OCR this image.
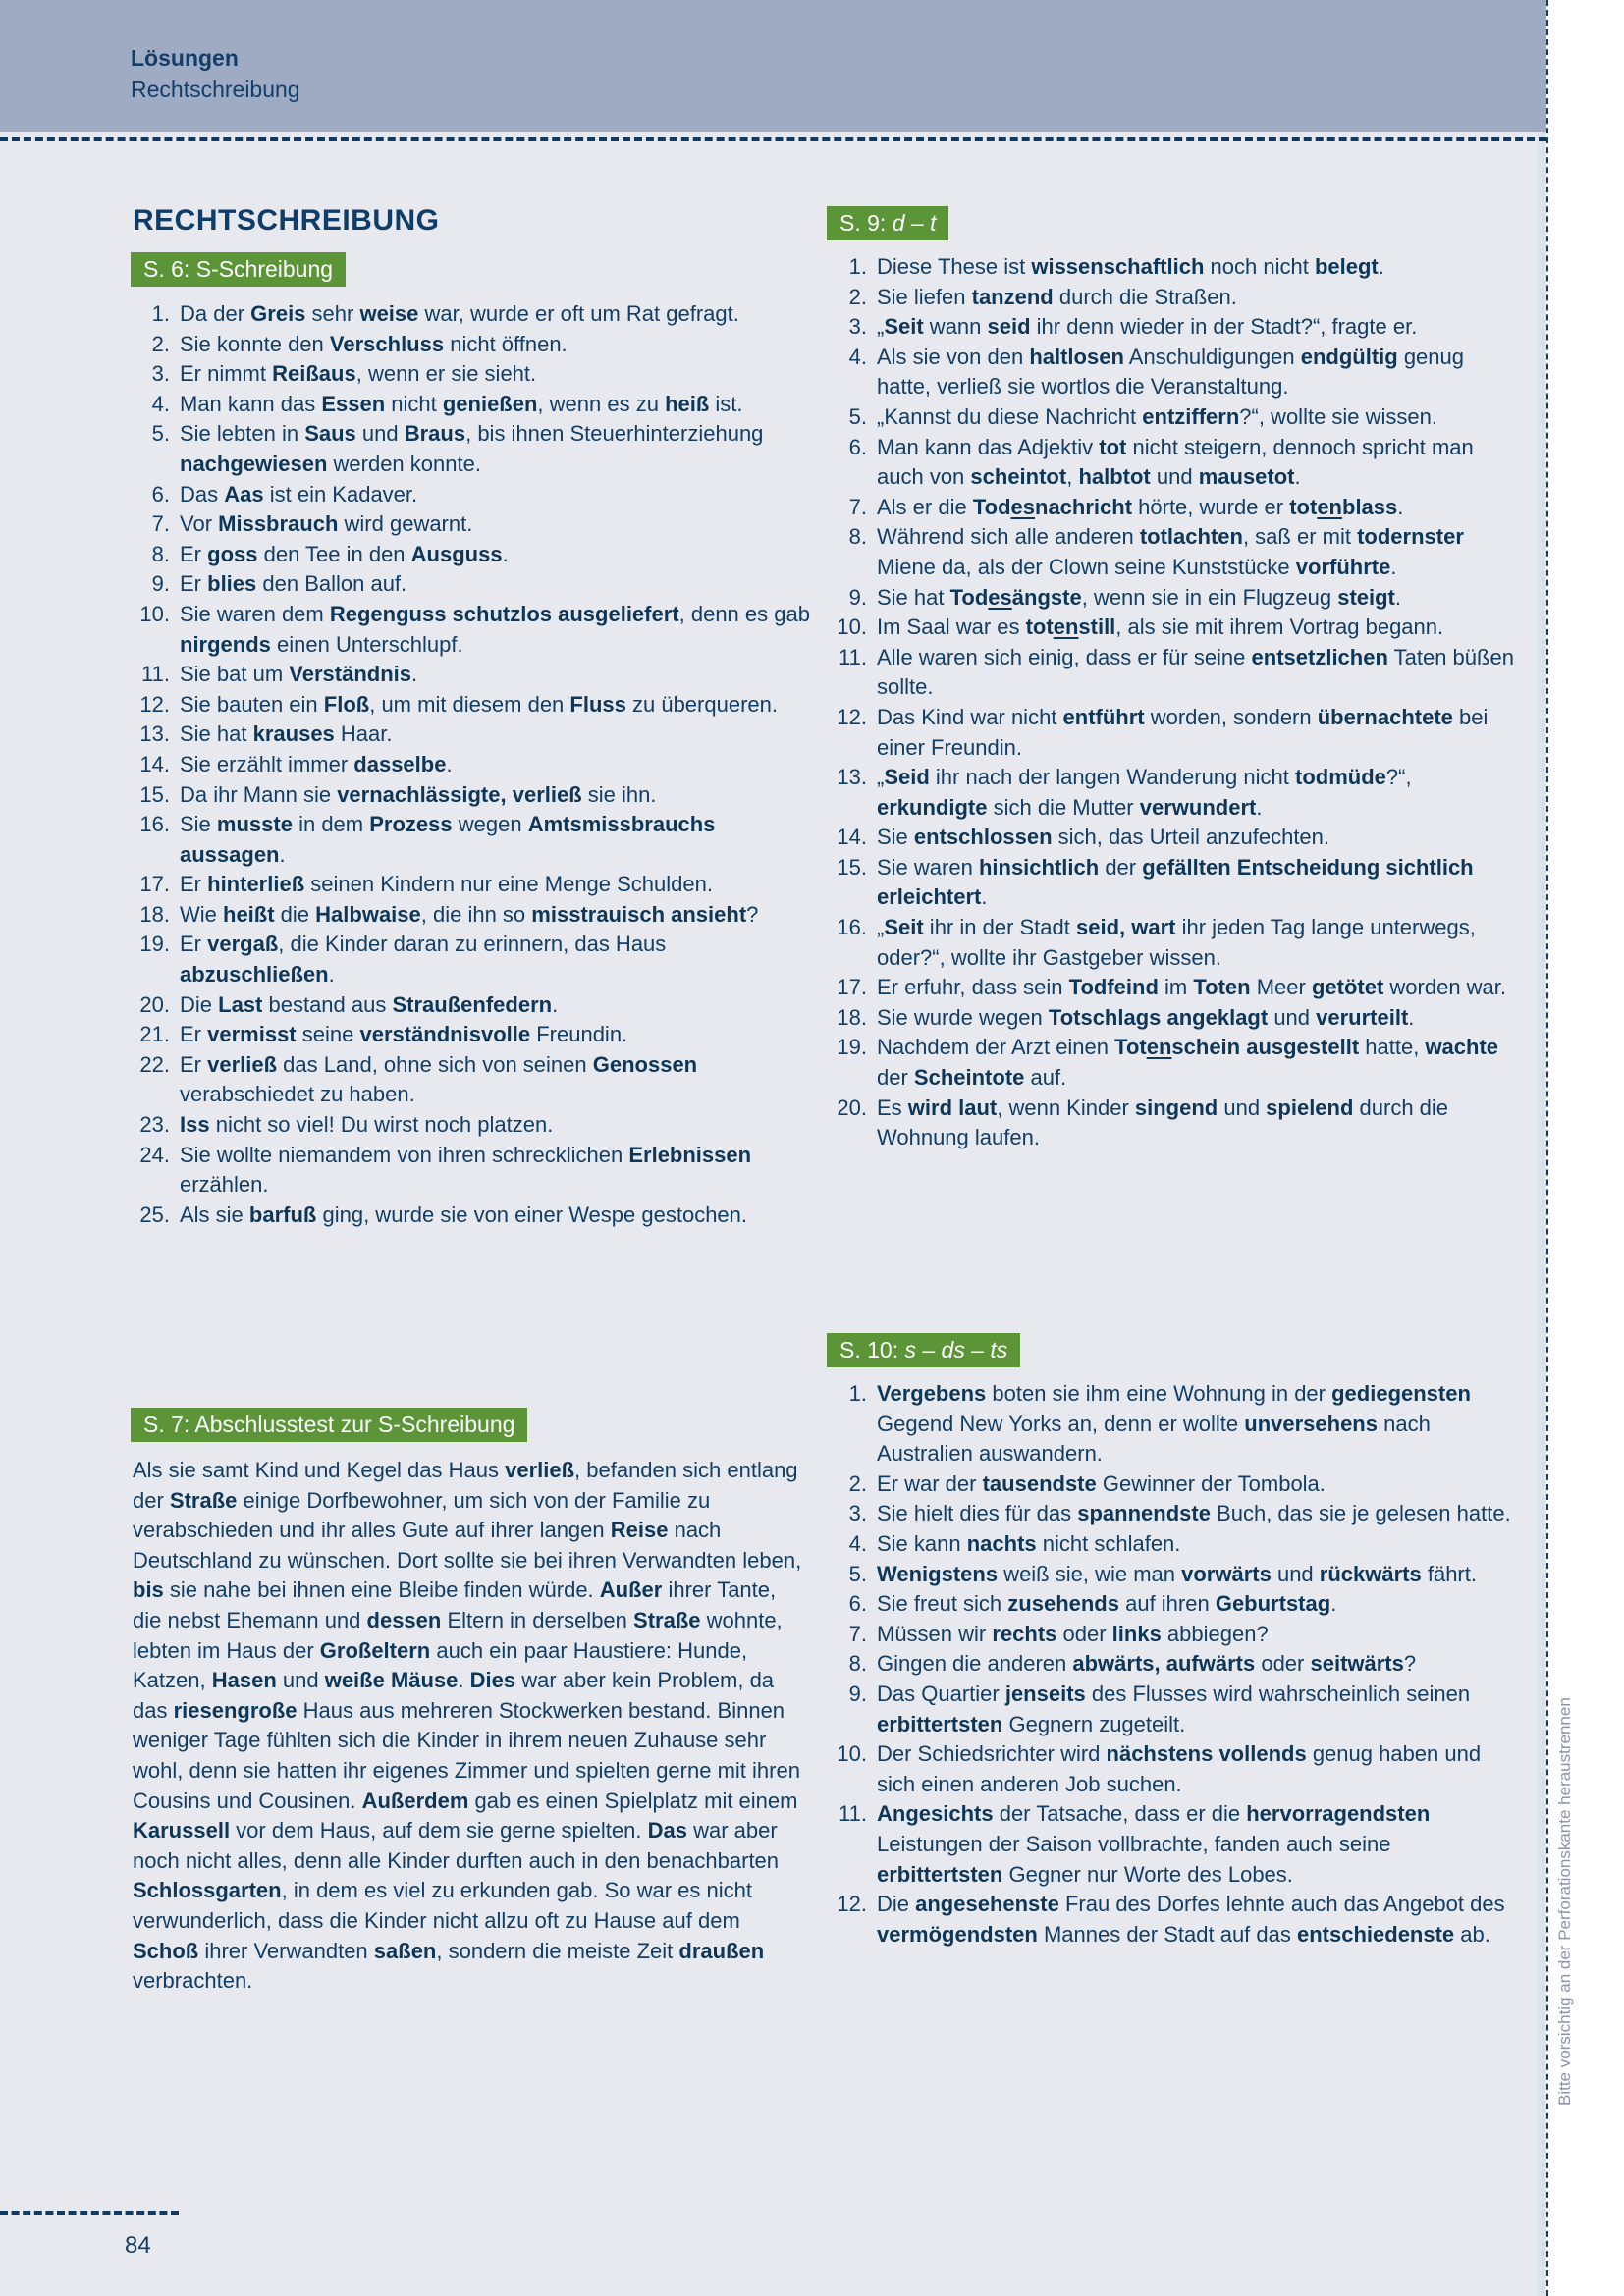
Lösungen
Rechtschreibung
RECHTSCHREIBUNG
S. 6: S-Schreibung
1. Da der Greis sehr weise war, wurde er oft um Rat gefragt.
2. Sie konnte den Verschluss nicht öffnen.
3. Er nimmt Reißaus, wenn er sie sieht.
4. Man kann das Essen nicht genießen, wenn es zu heiß ist.
5. Sie lebten in Saus und Braus, bis ihnen Steuerhinterziehung nachgewiesen werden konnte.
6. Das Aas ist ein Kadaver.
7. Vor Missbrauch wird gewarnt.
8. Er goss den Tee in den Ausguss.
9. Er blies den Ballon auf.
10. Sie waren dem Regenguss schutzlos ausgeliefert, denn es gab nirgends einen Unterschlupf.
11. Sie bat um Verständnis.
12. Sie bauten ein Floß, um mit diesem den Fluss zu überqueren.
13. Sie hat krauses Haar.
14. Sie erzählt immer dasselbe.
15. Da ihr Mann sie vernachlässigte, verließ sie ihn.
16. Sie musste in dem Prozess wegen Amtsmissbrauchs aussagen.
17. Er hinterließ seinen Kindern nur eine Menge Schulden.
18. Wie heißt die Halbwaise, die ihn so misstrauisch ansieht?
19. Er vergaß, die Kinder daran zu erinnern, das Haus abzuschließen.
20. Die Last bestand aus Straußenfedern.
21. Er vermisst seine verständnisvolle Freundin.
22. Er verließ das Land, ohne sich von seinen Genossen verabschiedet zu haben.
23. Iss nicht so viel! Du wirst noch platzen.
24. Sie wollte niemandem von ihren schrecklichen Erlebnissen erzählen.
25. Als sie barfuß ging, wurde sie von einer Wespe gestochen.
S. 7: Abschlusstest zur S-Schreibung
Als sie samt Kind und Kegel das Haus verließ, befanden sich entlang der Straße einige Dorfbewohner, um sich von der Familie zu verabschieden und ihr alles Gute auf ihrer langen Reise nach Deutschland zu wünschen. Dort sollte sie bei ihren Verwandten leben, bis sie nahe bei ihnen eine Bleibe finden würde. Außer ihrer Tante, die nebst Ehemann und dessen Eltern in derselben Straße wohnte, lebten im Haus der Großeltern auch ein paar Haustiere: Hunde, Katzen, Hasen und weiße Mäuse. Dies war aber kein Problem, da das riesengroße Haus aus mehreren Stockwerken bestand. Binnen weniger Tage fühlten sich die Kinder in ihrem neuen Zuhause sehr wohl, denn sie hatten ihr eigenes Zimmer und spielten gerne mit ihren Cousins und Cousinen. Außerdem gab es einen Spielplatz mit einem Karussell vor dem Haus, auf dem sie gerne spielten. Das war aber noch nicht alles, denn alle Kinder durften auch in den benachbarten Schlossgarten, in dem es viel zu erkunden gab. So war es nicht verwunderlich, dass die Kinder nicht allzu oft zu Hause auf dem Schoß ihrer Verwandten saßen, sondern die meiste Zeit draußen verbrachten.
S. 9: d – t
1. Diese These ist wissenschaftlich noch nicht belegt.
2. Sie liefen tanzend durch die Straßen.
3. „Seit wann seid ihr denn wieder in der Stadt?“, fragte er.
4. Als sie von den haltlosen Anschuldigungen endgültig genug hatte, verließ sie wortlos die Veranstaltung.
5. „Kannst du diese Nachricht entziffern?“, wollte sie wissen.
6. Man kann das Adjektiv tot nicht steigern, dennoch spricht man auch von scheintot, halbtot und mausetot.
7. Als er die Todesnachricht hörte, wurde er totenblass.
8. Während sich alle anderen totlachten, saß er mit todernster Miene da, als der Clown seine Kunststücke vorführte.
9. Sie hat Todesängste, wenn sie in ein Flugzeug steigt.
10. Im Saal war es totenstill, als sie mit ihrem Vortrag begann.
11. Alle waren sich einig, dass er für seine entsetzlichen Taten büßen sollte.
12. Das Kind war nicht entführt worden, sondern übernachtete bei einer Freundin.
13. „Seid ihr nach der langen Wanderung nicht todmüde?“, erkundigte sich die Mutter verwundert.
14. Sie entschlossen sich, das Urteil anzufechten.
15. Sie waren hinsichtlich der gefällten Entscheidung sichtlich erleichtert.
16. „Seit ihr in der Stadt seid, wart ihr jeden Tag lange unterwegs, oder?“, wollte ihr Gastgeber wissen.
17. Er erfuhr, dass sein Todfeind im Toten Meer getötet worden war.
18. Sie wurde wegen Totschlags angeklagt und verurteilt.
19. Nachdem der Arzt einen Totenschein ausgestellt hatte, wachte der Scheintote auf.
20. Es wird laut, wenn Kinder singend und spielend durch die Wohnung laufen.
S. 10: s – ds – ts
1. Vergebens boten sie ihm eine Wohnung in der gediegensten Gegend New Yorks an, denn er wollte unversehens nach Australien auswandern.
2. Er war der tausendste Gewinner der Tombola.
3. Sie hielt dies für das spannendste Buch, das sie je gelesen hatte.
4. Sie kann nachts nicht schlafen.
5. Wenigstens weiß sie, wie man vorwärts und rückwärts fährt.
6. Sie freut sich zusehends auf ihren Geburtstag.
7. Müssen wir rechts oder links abbiegen?
8. Gingen die anderen abwärts, aufwärts oder seitwärts?
9. Das Quartier jenseits des Flusses wird wahrscheinlich seinen erbittertsten Gegnern zugeteilt.
10. Der Schiedsrichter wird nächstens vollends genug haben und sich einen anderen Job suchen.
11. Angesichts der Tatsache, dass er die hervorragendsten Leistungen der Saison vollbrachte, fanden auch seine erbittertsten Gegner nur Worte des Lobes.
12. Die angesehenste Frau des Dorfes lehnte auch das Angebot des vermögendsten Mannes der Stadt auf das entschiedenste ab.
84
Bitte vorsichtig an der Perforationskante heraustrennen
